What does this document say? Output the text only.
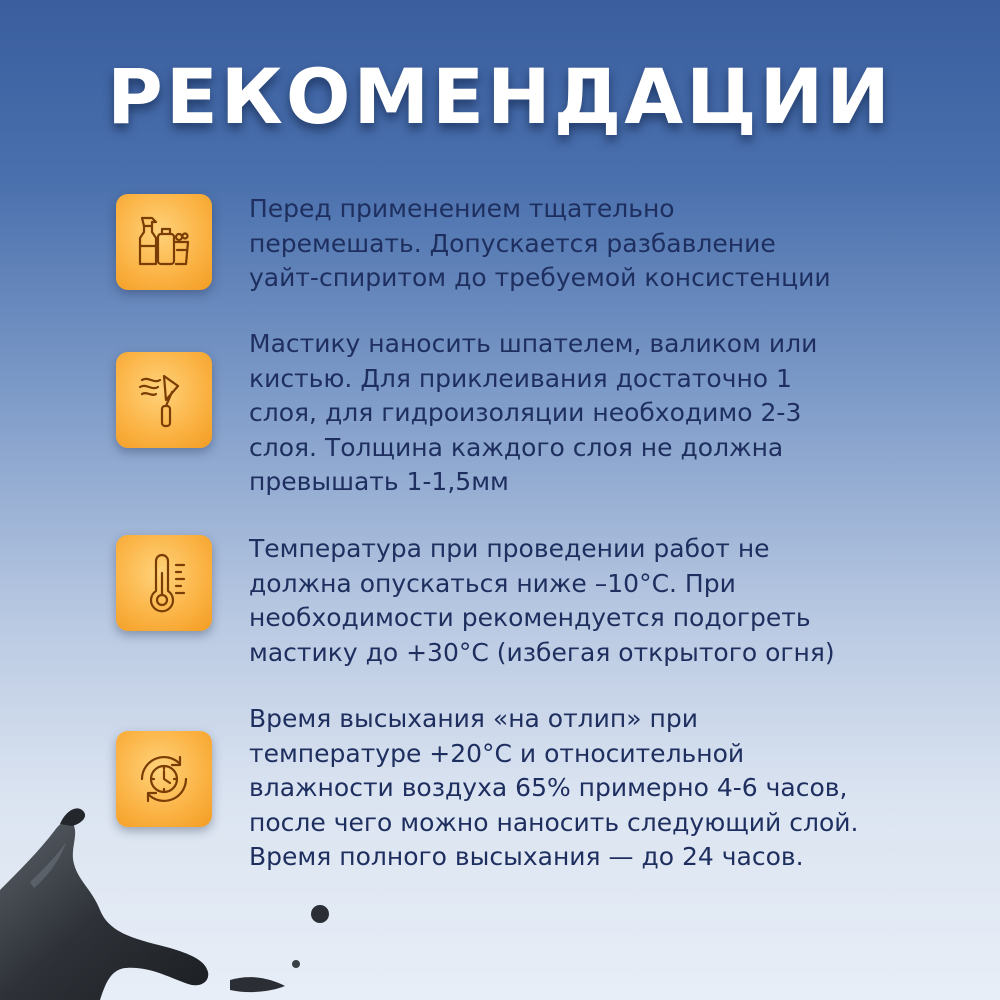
РЕКОМЕНДАЦИИ
Перед применением тщательно
перемешать. Допускается разбавление
уайт-спиритом до требуемой консистенции
Мастику наносить шпателем, валиком или
кистью. Для приклеивания достаточно 1
слоя, для гидроизоляции необходимо 2-3
слоя. Толщина каждого слоя не должна
превышать 1-1,5мм
Температура при проведении работ не
должна опускаться ниже –10°C. При
необходимости рекомендуется подогреть
мастику до +30°C (избегая открытого огня)
Время высыхания «на отлип» при
температуре +20°C и относительной
влажности воздуха 65% примерно 4-6 часов,
после чего можно наносить следующий слой.
Время полного высыхания — до 24 часов.
